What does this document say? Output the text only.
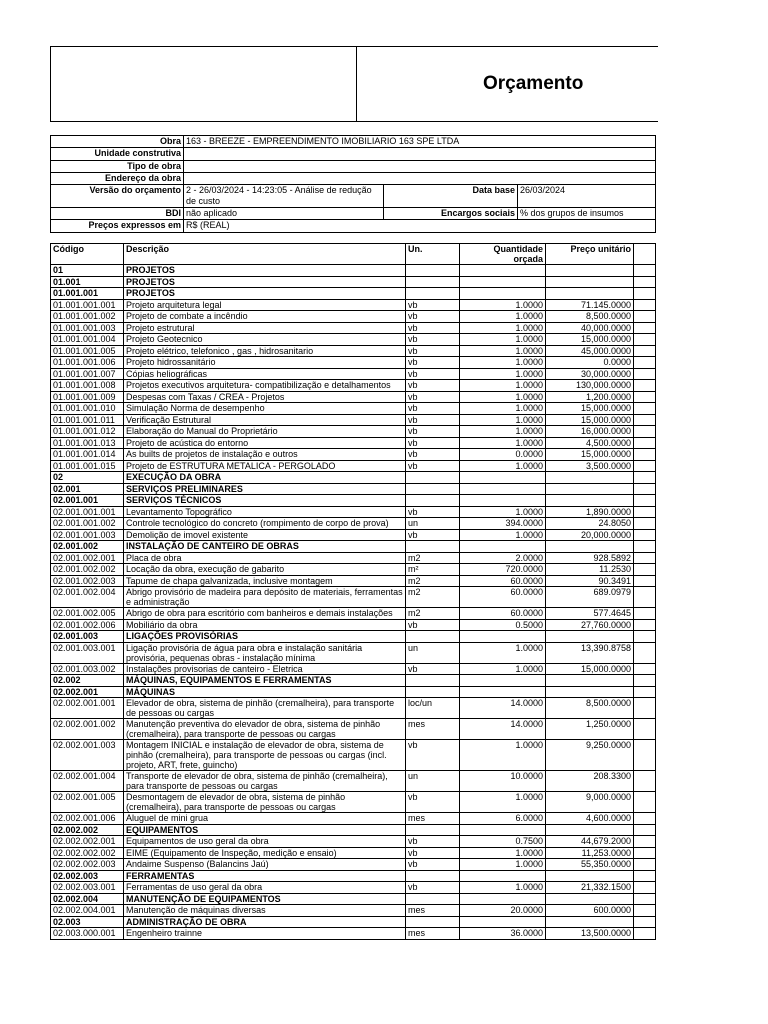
Orçamento
Obra	163 - BREEZE - EMPREENDIMENTO IMOBILIARIO 163 SPE LTDA		
Unidade construtiva			
Tipo de obra			
Endereço da obra			
Versão do orçamento	2 - 26/03/2024 - 14:23:05 - Análise de redução de custo	Data base	26/03/2024
BDI	não aplicado	Encargos sociais	% dos grupos de insumos
Preços expressos em	R$ (REAL)		
Código	Descrição	Un.	Quantidade orçada	Preço unitário	
01	PROJETOS				
01.001	PROJETOS				
01.001.001	PROJETOS				
01.001.001.001	Projeto arquitetura legal	vb	1.0000	71.145.0000	
01.001.001.002	Projeto de combate a incêndio	vb	1.0000	8,500.0000	
01.001.001.003	Projeto estrutural	vb	1.0000	40,000.0000	
01.001.001.004	Projeto Geotecnico	vb	1.0000	15,000.0000	
01.001.001.005	Projeto elétrico, telefonico , gas , hidrosanitario	vb	1.0000	45,000.0000	
01.001.001.006	Projeto hidrossanitário	vb	1.0000	0.0000	
01.001.001.007	Cópias heliográficas	vb	1.0000	30,000.0000	
01.001.001.008	Projetos executivos arquitetura- compatibilização e detalhamentos	vb	1.0000	130,000.0000	
01.001.001.009	Despesas com Taxas / CREA - Projetos	vb	1.0000	1,200.0000	
01.001.001.010	Simulação Norma de desempenho	vb	1.0000	15,000.0000	
01.001.001.011	Verificação Estrutural	vb	1.0000	15,000.0000	
01.001.001.012	Elaboração do Manual do Proprietário	vb	1.0000	16,000.0000	
01.001.001.013	Projeto de acústica do entorno	vb	1.0000	4,500.0000	
01.001.001.014	As builts de projetos de instalação e outros	vb	0.0000	15,000.0000	
01.001.001.015	Projeto de ESTRUTURA METALICA - PERGOLADO	vb	1.0000	3,500.0000	
02	EXECUÇÃO DA OBRA				
02.001	SERVIÇOS PRELIMINARES				
02.001.001	SERVIÇOS TÉCNICOS				
02.001.001.001	Levantamento Topográfico	vb	1.0000	1,890.0000	
02.001.001.002	Controle tecnológico do concreto (rompimento de corpo de prova)	un	394.0000	24.8050	
02.001.001.003	Demolição de imovel existente	vb	1.0000	20,000.0000	
02.001.002	INSTALAÇÃO DE CANTEIRO DE OBRAS				
02.001.002.001	Placa de obra	m2	2.0000	928.5892	
02.001.002.002	Locação da obra, execução de gabarito	m²	720.0000	11.2530	
02.001.002.003	Tapume de chapa galvanizada, inclusive montagem	m2	60.0000	90.3491	
02.001.002.004	Abrigo provisório de madeira para depósito de materiais, ferramentas e administração	m2	60.0000	689.0979	
02.001.002.005	Abrigo de obra para escritório com banheiros e demais instalações	m2	60.0000	577.4645	
02.001.002.006	Mobiliário da obra	vb	0.5000	27,760.0000	
02.001.003	LIGAÇÕES PROVISÓRIAS				
02.001.003.001	Ligação provisória de água para obra e instalação sanitária provisória, pequenas obras - instalação mínima	un	1.0000	13,390.8758	
02.001.003.002	Instalações provisorias de canteiro - Eletrica	vb	1.0000	15,000.0000	
02.002	MÁQUINAS, EQUIPAMENTOS E FERRAMENTAS				
02.002.001	MÁQUINAS				
02.002.001.001	Elevador de obra, sistema de pinhão (cremalheira), para transporte de pessoas ou cargas	loc/un	14.0000	8,500.0000	
02.002.001.002	Manutenção preventiva do elevador de obra, sistema de pinhão (cremalheira), para transporte de pessoas ou cargas	mes	14.0000	1,250.0000	
02.002.001.003	Montagem INICIAL e instalação de elevador de obra, sistema de pinhão (cremalheira), para transporte de pessoas ou cargas (incl. projeto, ART, frete, guincho)	vb	1.0000	9,250.0000	
02.002.001.004	Transporte de elevador de obra, sistema de pinhão (cremalheira), para transporte de pessoas ou cargas	un	10.0000	208.3300	
02.002.001.005	Desmontagem de elevador de obra, sistema de pinhão (cremalheira), para transporte de pessoas ou cargas	vb	1.0000	9,000.0000	
02.002.001.006	Aluguel de mini grua	mes	6.0000	4,600.0000	
02.002.002	EQUIPAMENTOS				
02.002.002.001	Equipamentos de uso geral da obra	vb	0.7500	44,679.2000	
02.002.002.002	EIME (Equipamento de Inspeção, medição e ensaio)	vb	1.0000	11,253.0000	
02.002.002.003	Andaime Suspenso (Balancins Jaú)	vb	1.0000	55,350.0000	
02.002.003	FERRAMENTAS				
02.002.003.001	Ferramentas de uso geral da obra	vb	1.0000	21,332.1500	
02.002.004	MANUTENÇÃO DE EQUIPAMENTOS				
02.002.004.001	Manutenção de máquinas diversas	mes	20.0000	600.0000	
02.003	ADMINISTRAÇÃO DE OBRA				
02.003.000.001	Engenheiro trainne	mes	36.0000	13,500.0000	
